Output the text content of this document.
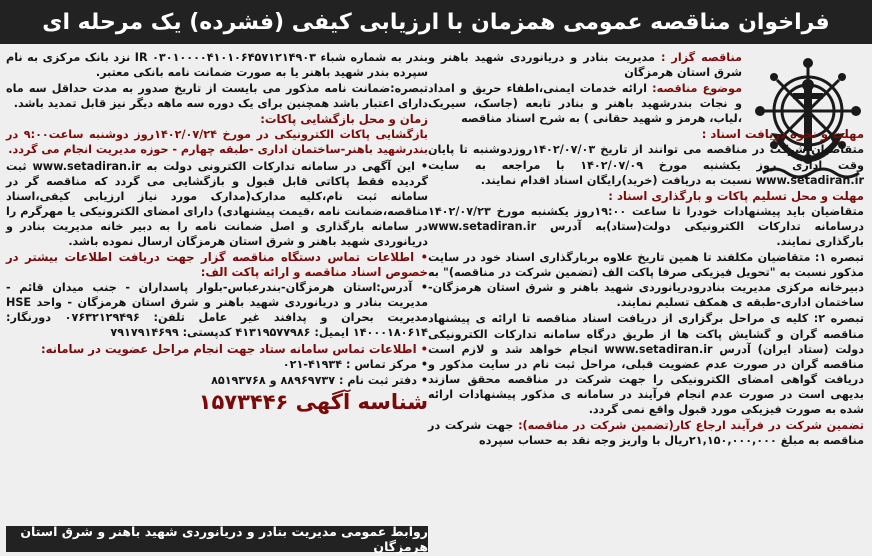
فراخوان مناقصه عمومی همزمان با ارزیابی کیفی (فشرده) یک مرحله ای

مناقصه گزار : مدیریت بنادر و دریانوردی شهید باهنر و شرق استان هرمزگان

موضوع مناقصه: ارائه خدمات ایمنی،اطفاء حریق و امداد و نجات بندرشهید باهنر و بنادر تابعه (جاسک، سیریک ،لیاب، هرمز و شهید حقانی ) به شرح اسناد مناقصه

مهلت و نحوه دریافت اسناد :

متقاضیان شرکت در مناقصه می توانند از تاریخ ۱۴۰۲/۰۷/۰۳روزدوشنبه تا پایان وقت اداری روز یکشنبه مورخ ۱۴۰۲/۰۷/۰۹ با مراجعه به سایت www.setadiran.ir نسبت به دریافت (خرید)رایگان اسناد اقدام نمایند.

مهلت و محل تسلیم پاکات و بارگذاری اسناد :

متقاضیان باید پیشنهادات خودرا تا ساعت ۱۹:۰۰روز یکشنبه مورخ ۱۴۰۲/۰۷/۲۳ درسامانه تدارکات الکترونیکی دولت(ستاد)به آدرس www.setadiran.ir بارگذاری نمایند.

تبصره ۱: متقاضیان مکلفند تا همین تاریخ علاوه بربارگذاری اسناد خود در سایت مذکور نسبت به "تحویل فیزیکی صرفا پاکت الف (تضمین شرکت در مناقصه)" به دبیرخانه مرکزی مدیریت بنادرودریانوردی شهید باهنر و شرق استان هرمزگان- ساختمان اداری-طبقه ی همکف تسلیم نمایند.

تبصره ۲: کلیه ی مراحل برگزاری از دریافت اسناد مناقصه تا ارائه ی پیشنهاد مناقصه گران و گشایش پاکت ها از طریق درگاه سامانه تدارکات الکترونیکی دولت (ستاد ایران) آدرس www.setadiran.ir انجام خواهد شد و لازم است مناقصه گران در صورت عدم عضویت قبلی، مراحل ثبت نام در سایت مذکور و دریافت گواهی امضای الکترونیکی را جهت شرکت در مناقصه محقق سازند بدیهی است در صورت عدم انجام فرآیند در سامانه ی مذکور پیشنهادات ارائه شده به صورت فیزیکی مورد قبول واقع نمی گردد.

تضمین شرکت در فرآیند ارجاع کار(تضمین شرکت در مناقصه): جهت شرکت در مناقصه به مبلغ ۲۱,۱۵۰,۰۰۰,۰۰۰ریال با واریز وجه نقد به حساب سپرده

بندر به شماره شباء IR ۰۳۰۱۰۰۰۰۴۱۰۱۰۶۴۵۷۱۲۱۴۹۰۳ نزد بانک مرکزی به نام سپرده بندر شهید باهنر یا به صورت ضمانت نامه بانکی معتبر.

تبصره:ضمانت نامه مذکور می بایست از تاریخ صدور به مدت حداقل سه ماه دارای اعتبار باشد همچنین برای یک دوره سه ماهه دیگر نیز قابل تمدید باشد.

زمان و محل بازگشایی پاکات:

بازگشایی پاکات الکترونیکی در مورخ ۱۴۰۲/۰۷/۲۴روز دوشنبه ساعت۹:۰۰ در بندرشهید باهنر-ساختمان اداری -طبقه چهارم - حوزه مدیریت انجام می گردد.

• این آگهی در سامانه تدارکات الکترونی دولت به www.setadiran.ir ثبت گردیده فقط پاکاتی قابل قبول و بازگشایی می گردد که مناقصه گر در سامانه ثبت نام،کلیه مدارک(مدارک مورد نیاز ارزیابی کیفی،اسناد مناقصه،ضمانت نامه ،قیمت پیشنهادی) دارای امضای الکترونیکی یا مهرگرم را در سامانه بارگذاری و اصل ضمانت نامه را به دبیر خانه مدیریت بنادر و دریانوردی شهید باهنر و شرق استان هرمزگان ارسال نموده باشد.

• اطلاعات تماس دستگاه مناقصه گزار جهت دریافت اطلاعات بیشتر در خصوص اسناد مناقصه و ارائه پاکت الف:

• آدرس:استان هرمزگان-بندرعباس-بلوار پاسداران - جنب میدان قائم - مدیریت بنادر و دریانوردی شهید باهنر و شرق استان هرمزگان - واحد HSE مدیریت بحران و پدافند غیر عامل تلفن: ۰۷۶۳۲۱۲۹۴۹۶ دورنگار: ۱۴۰۰۰۱۸۰۶۱۴ ایمیل: ۴۱۳۱۹۵۷۷۹۸۶ کدپستی: ۷۹۱۷۹۱۴۶۹۹

• اطلاعات تماس سامانه ستاد جهت انجام مراحل عضویت در سامانه:

• مرکز تماس : ۴۱۹۳۴-۰۲۱

• دفتر ثبت نام : ۸۸۹۶۹۷۳۷ و ۸۵۱۹۳۷۶۸

شناسه آگهی ۱۵۷۳۴۴۶
روابط عمومی مدیریت بنادر و دریانوردی شهید باهنر و شرق استان هرمزگان
